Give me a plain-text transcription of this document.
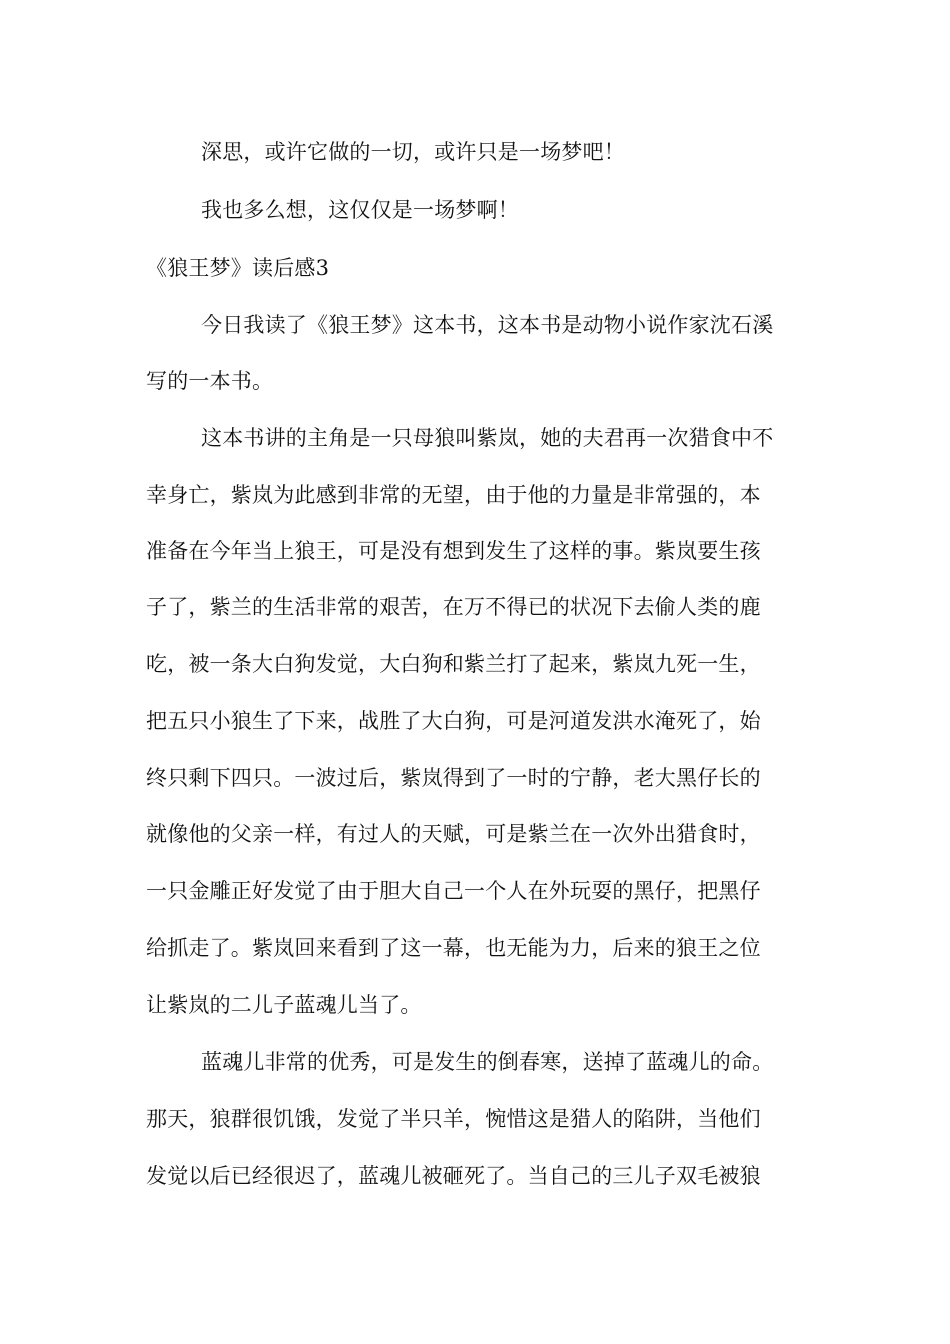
深思，或许它做的一切，或许只是一场梦吧！
我也多么想，这仅仅是一场梦啊！
《狼王梦》读后感3
今日我读了《狼王梦》这本书，这本书是动物小说作家沈石溪
写的一本书。
这本书讲的主角是一只母狼叫紫岚，她的夫君再一次猎食中不
幸身亡，紫岚为此感到非常的无望，由于他的力量是非常强的，本
准备在今年当上狼王，可是没有想到发生了这样的事。紫岚要生孩
子了，紫兰的生活非常的艰苦，在万不得已的状况下去偷人类的鹿
吃，被一条大白狗发觉，大白狗和紫兰打了起来，紫岚九死一生，
把五只小狼生了下来，战胜了大白狗，可是河道发洪水淹死了，始
终只剩下四只。一波过后，紫岚得到了一时的宁静，老大黑仔长的
就像他的父亲一样，有过人的天赋，可是紫兰在一次外出猎食时，
一只金雕正好发觉了由于胆大自己一个人在外玩耍的黑仔，把黑仔
给抓走了。紫岚回来看到了这一幕，也无能为力，后来的狼王之位
让紫岚的二儿子蓝魂儿当了。
蓝魂儿非常的优秀，可是发生的倒春寒，送掉了蓝魂儿的命。
那天，狼群很饥饿，发觉了半只羊，惋惜这是猎人的陷阱，当他们
发觉以后已经很迟了，蓝魂儿被砸死了。当自己的三儿子双毛被狼
